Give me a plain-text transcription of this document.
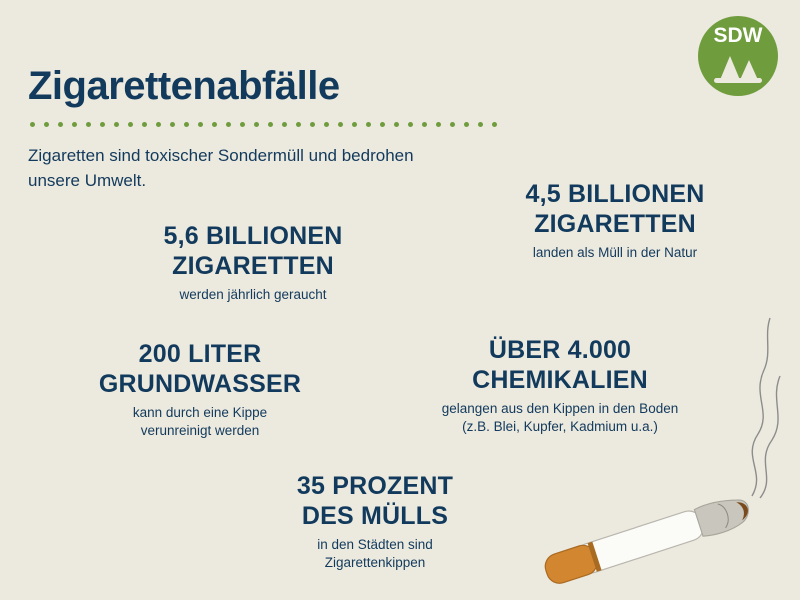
SDW
Zigarettenabfälle
Zigaretten sind toxischer Sondermüll und bedrohen unsere Umwelt.
5,6 BILLIONEN
ZIGARETTEN
werden jährlich geraucht
4,5 BILLIONEN
ZIGARETTEN
landen als Müll in der Natur
200 LITER
GRUNDWASSER
kann durch eine Kippe
verunreinigt werden
ÜBER 4.000
CHEMIKALIEN
gelangen aus den Kippen in den Boden
(z.B. Blei, Kupfer, Kadmium u.a.)
35 PROZENT
DES MÜLLS
in den Städten sind
Zigarettenkippen
